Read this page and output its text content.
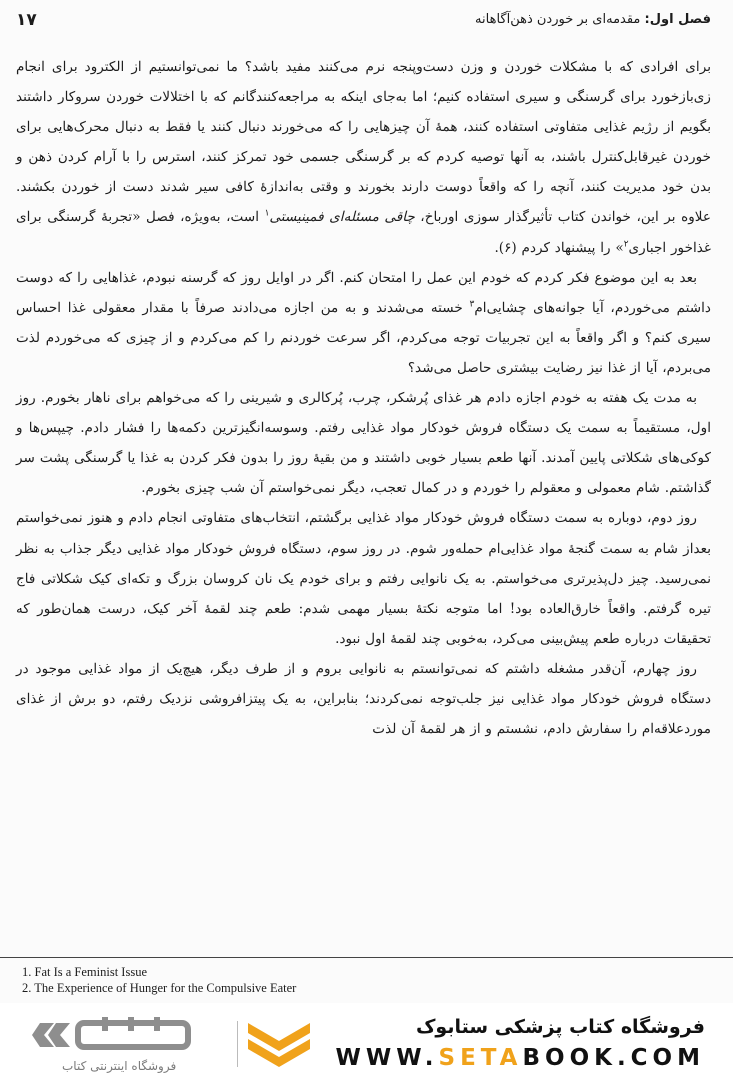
۱۷	فصل اول: مقدمه‌ای بر خوردن ذهن‌آگاهانه

برای افرادی که با مشکلات خوردن و وزن دست‌وپنجه نرم می‌کنند مفید باشد؟ ما نمی‌توانستیم از الکترود برای انجام زی‌بازخورد برای گرسنگی و سیری استفاده کنیم؛ اما به‌جای اینکه به مراجعه‌کنندگانم که با اختلالات خوردن سروکار داشتند بگویم از رژیم غذایی متفاوتی استفاده کنند، همهٔ آن چیزهایی را که می‌خورند دنبال کنند یا فقط به دنبال محرک‌هایی برای خوردن غیرقابل‌کنترل باشند، به آنها توصیه کردم که بر گرسنگی جسمی خود تمرکز کنند، استرس را با آرام کردن ذهن و بدن خود مدیریت کنند، آنچه را که واقعاً دوست دارند بخورند و وقتی به‌اندازهٔ کافی سیر شدند دست از خوردن بکشند. علاوه بر این، خواندن کتاب تأثیرگذار سوزی اورباخ، چاقی مسئله‌ای فمینیستی$^۱$ است، به‌ویژه، فصل «تجربهٔ گرسنگی برای غذاخور اجباری$^۲$» را پیشنهاد کردم (۶).

بعد به این موضوع فکر کردم که خودم این عمل را امتحان کنم. اگر در اوایل روز که گرسنه نبودم، غذاهایی را که دوست داشتم می‌خوردم، آیا جوانه‌های چشایی‌ام$^۳$ خسته می‌شدند و به من اجازه می‌دادند صرفاً با مقدار معقولی غذا احساس سیری کنم؟ و اگر واقعاً به این تجربیات توجه می‌کردم، اگر سرعت خوردنم را کم می‌کردم و از چیزی که می‌خوردم لذت می‌بردم، آیا از غذا نیز رضایت بیشتری حاصل می‌شد؟

به مدت یک هفته به خودم اجازه دادم هر غذای پُرشکر، چرب، پُرکالری و شیرینی را که می‌خواهم برای ناهار بخورم. روز اول، مستقیماً به سمت یک دستگاه فروش خودکار مواد غذایی رفتم. وسوسه‌انگیزترین دکمه‌ها را فشار دادم. چیپس‌ها و کوکی‌های شکلاتی پایین آمدند. آنها طعم بسیار خوبی داشتند و من بقیهٔ روز را بدون فکر کردن به غذا یا گرسنگی پشت سر گذاشتم. شام معمولی و معقولم را خوردم و در کمال تعجب، دیگر نمی‌خواستم آن شب چیزی بخورم.

روز دوم، دوباره به سمت دستگاه فروش خودکار مواد غذایی برگشتم، انتخاب‌های متفاوتی انجام دادم و هنوز نمی‌خواستم بعداز شام به سمت گنجهٔ مواد غذایی‌ام حمله‌ور شوم. در روز سوم، دستگاه فروش خودکار مواد غذایی دیگر جذاب به نظر نمی‌رسید. چیز دل‌پذیرتری می‌خواستم. به یک نانوایی رفتم و برای خودم یک نان کروسان بزرگ و تکه‌ای کیک شکلاتی فاج تیره گرفتم. واقعاً خارق‌العاده بود! اما متوجه نکتهٔ بسیار مهمی شدم: طعم چند لقمهٔ آخر کیک، درست همان‌طور که تحقیقات درباره طعم پیش‌بینی می‌کرد، به‌خوبی چند لقمهٔ اول نبود.

روز چهارم، آن‌قدر مشغله داشتم که نمی‌توانستم به نانوایی بروم و از طرف دیگر، هیچ‌یک از مواد غذایی موجود در دستگاه فروش خودکار مواد غذایی نیز جلب‌توجه نمی‌کردند؛ بنابراین، به یک پیتزافروشی نزدیک رفتم، دو برش از غذای موردعلاقه‌ام را سفارش دادم، نشستم و از هر لقمهٔ آن لذت

1. Fat Is a Feminist Issue
2. The Experience of Hunger for the Compulsive Eater
فروشگاه اینترنتی کتاب
فروشگاه کتاب پزشکی ستابوک
WWW.SETABOOK.COM
